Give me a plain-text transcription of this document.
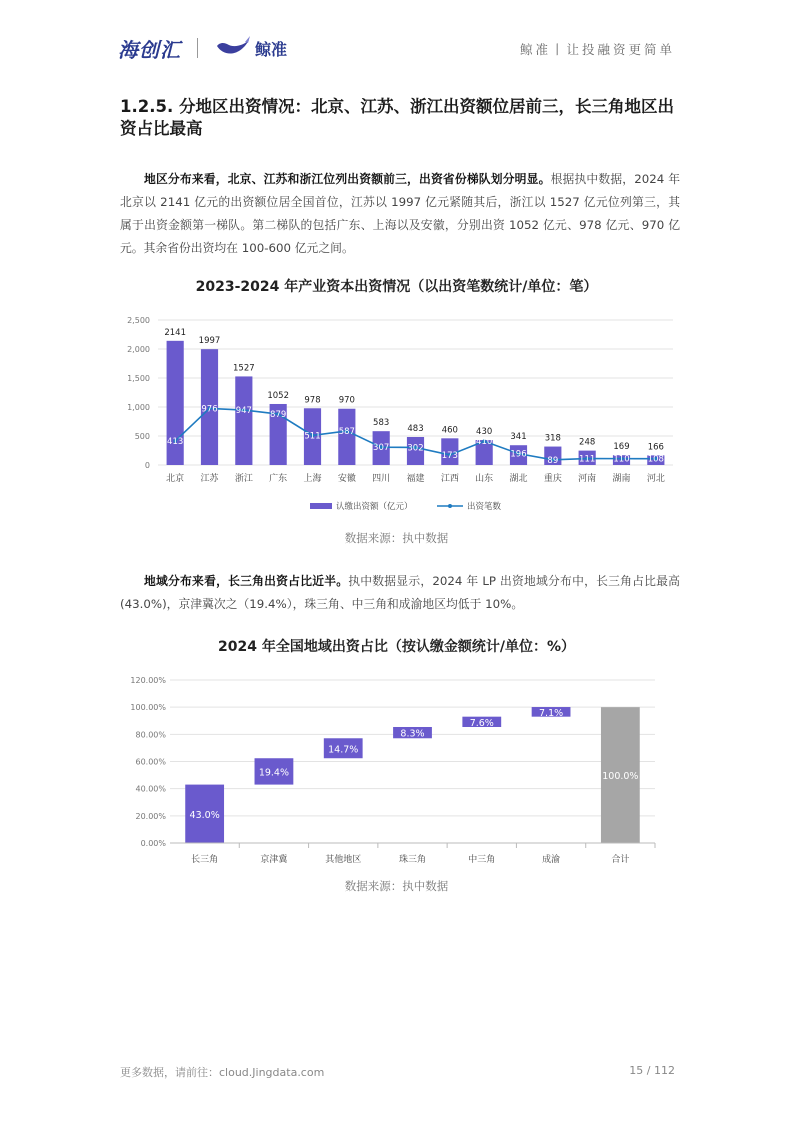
海创汇	鲸准	鲸准丨让投融资更简单
1.2.5. 分地区出资情况：北京、江苏、浙江出资额位居前三，长三角地区出资占比最高

地区分布来看，北京、江苏和浙江位列出资额前三，出资省份梯队划分明显。根据执中数据，2024 年北京以 2141 亿元的出资额位居全国首位，江苏以 1997 亿元紧随其后，浙江以 1527 亿元位列第三，其属于出资金额第一梯队。第二梯队的包括广东、上海以及安徽，分别出资 1052 亿元、978 亿元、970 亿元。其余省份出资均在 100-600 亿元之间。

2023-2024 年产业资本出资情况（以出资笔数统计/单位：笔）
0
500
1,000
1,500
2,000
2,500
2141
北京
1997
江苏
1527
浙江
1052
广东
978
上海
970
安徽
583
四川
483
福建
460
江西
430
山东
341
湖北
318
重庆
248
河南
169
湖南
166
河北
413
976 947 879
511 587
307 302
173
410
196
89 111 110 108
认缴出资额（亿元）	出资笔数
数据来源：执中数据

地域分布来看，长三角出资占比近半。执中数据显示，2024 年 LP 出资地域分布中，长三角占比最高(43.0%)，京津冀次之（19.4%），珠三角、中三角和成渝地区均低于 10%。

2024 年全国地域出资占比（按认缴金额统计/单位：%）
0.00%
20.00%
40.00%
60.00%
80.00%
100.00%
120.00%
43.0%
长三角
19.4%
京津冀
14.7%
其他地区
8.3%
珠三角
7.6%
中三角
7.1%
成渝
100.0%
合计
数据来源：执中数据
更多数据，请前往：cloud.Jingdata.com	15 / 112
